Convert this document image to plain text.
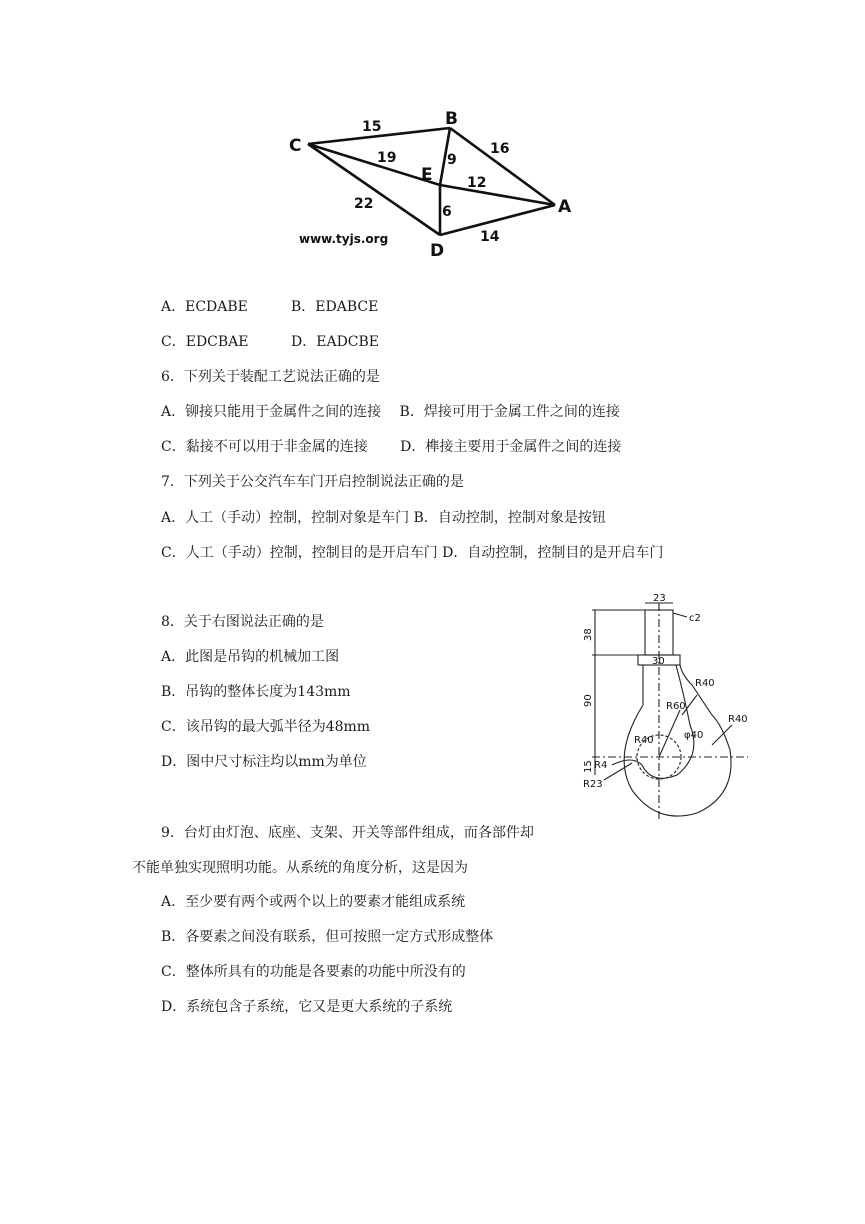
C
B
E
A
D
15
19	9
16
12
22	6
14
www.tyjs.org
A．ECDABE	B．EDABCE
C．EDCBAE	D．EADCBE
6．下列关于装配工艺说法正确的是
A．铆接只能用于金属件之间的连接　 B．焊接可用于金属工件之间的连接
C．黏接不可以用于非金属的连接　　 D．榫接主要用于金属件之间的连接
7．下列关于公交汽车车门开启控制说法正确的是
A．人工（手动）控制，控制对象是车门 B．自动控制，控制对象是按钮
C．人工（手动）控制，控制目的是开启车门 D．自动控制，控制目的是开启车门
8．关于右图说法正确的是
A．此图是吊钩的机械加工图
B．吊钩的整体长度为143mm
C．该吊钩的最大弧半径为48mm
D．图中尺寸标注均以mm为单位
23
c2
38
30
90
R40
R60
φ40
R40
R40
R4
15
R23
9．台灯由灯泡、底座、支架、开关等部件组成，而各部件却
不能单独实现照明功能。从系统的角度分析，这是因为
A．至少要有两个或两个以上的要素才能组成系统
B．各要素之间没有联系，但可按照一定方式形成整体
C．整体所具有的功能是各要素的功能中所没有的
D．系统包含子系统，它又是更大系统的子系统
